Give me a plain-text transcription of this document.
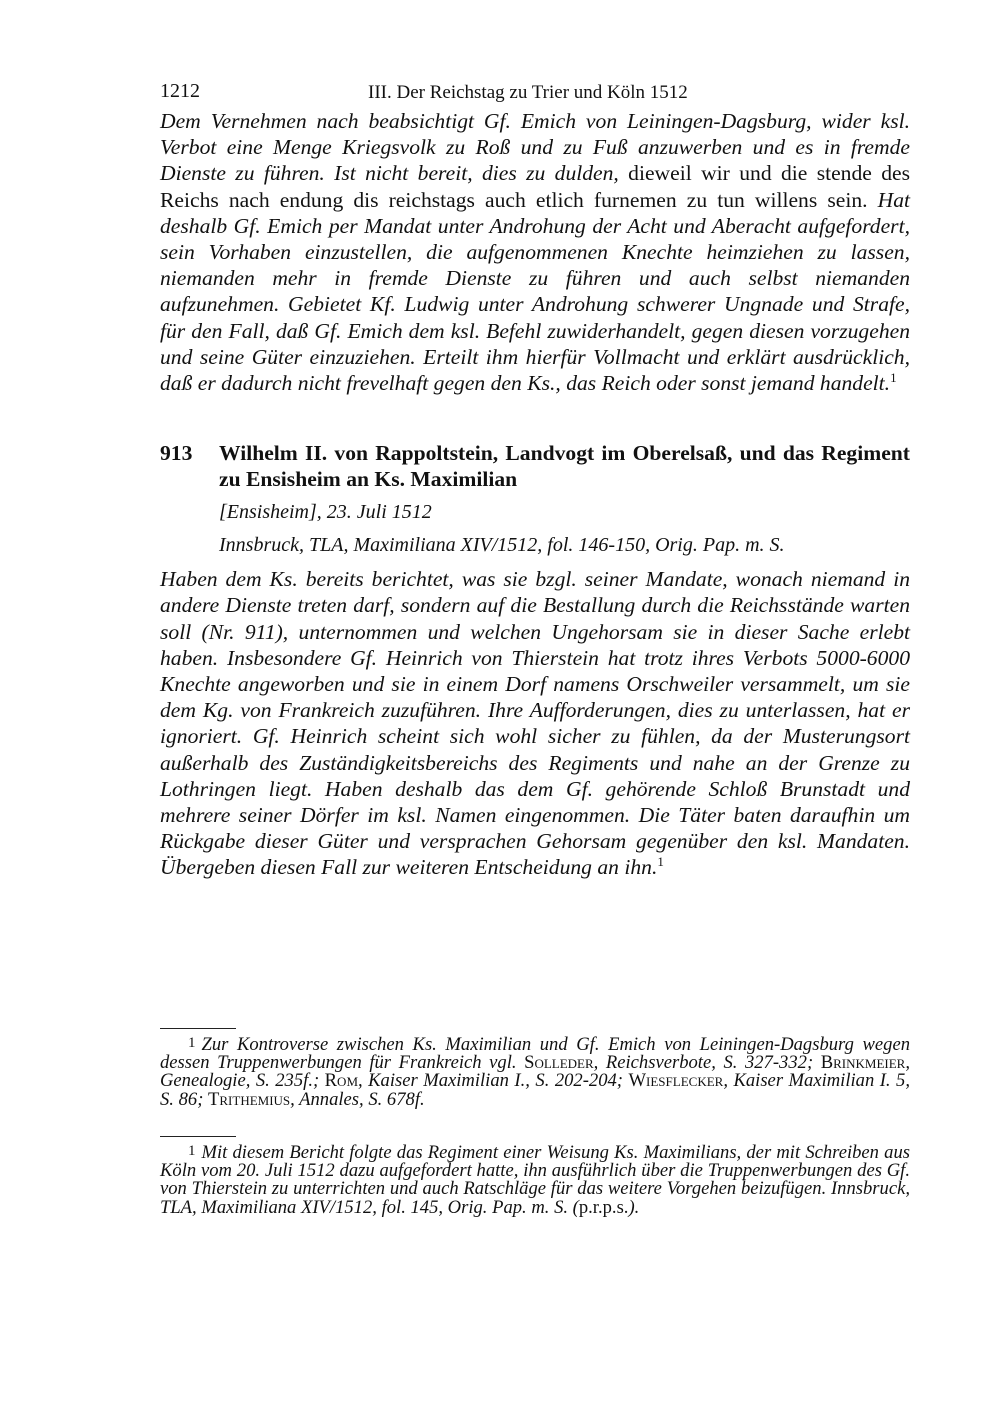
1212	III. Der Reichstag zu Trier und Köln 1512

Dem Vernehmen nach beabsichtigt Gf. Emich von Leiningen-Dagsburg, wider ksl. Verbot eine Menge Kriegsvolk zu Roß und zu Fuß anzuwerben und es in fremde Dienste zu führen. Ist nicht bereit, dies zu dulden, dieweil wir und die stende des Reichs nach endung dis reichstags auch etlich furnemen zu tun willens sein. Hat deshalb Gf. Emich per Mandat unter Androhung der Acht und Aberacht aufgefordert, sein Vorhaben einzustellen, die aufgenommenen Knechte heimziehen zu lassen, niemanden mehr in fremde Dienste zu führen und auch selbst niemanden aufzunehmen. Gebietet Kf. Ludwig unter Androhung schwerer Ungnade und Strafe, für den Fall, daß Gf. Emich dem ksl. Befehl zuwiderhandelt, gegen diesen vorzugehen und seine Güter einzuziehen. Erteilt ihm hierfür Vollmacht und erklärt ausdrücklich, daß er dadurch nicht frevelhaft gegen den Ks., das Reich oder sonst jemand handelt.$^1$

913 Wilhelm II. von Rappoltstein, Landvogt im Oberelsaß, und das Regiment zu Ensisheim an Ks. Maximilian
[Ensisheim], 23. Juli 1512
Innsbruck, TLA, Maximiliana XIV/1512, fol. 146-150, Orig. Pap. m. S.

Haben dem Ks. bereits berichtet, was sie bzgl. seiner Mandate, wonach niemand in andere Dienste treten darf, sondern auf die Bestallung durch die Reichsstände warten soll (Nr. 911), unternommen und welchen Ungehorsam sie in dieser Sache erlebt haben. Insbesondere Gf. Heinrich von Thierstein hat trotz ihres Verbots 5000-6000 Knechte angeworben und sie in einem Dorf namens Orschweiler versammelt, um sie dem Kg. von Frankreich zuzuführen. Ihre Aufforderungen, dies zu unterlassen, hat er ignoriert. Gf. Heinrich scheint sich wohl sicher zu fühlen, da der Musterungsort außerhalb des Zuständigkeitsbereichs des Regiments und nahe an der Grenze zu Lothringen liegt. Haben deshalb das dem Gf. gehörende Schloß Brunstadt und mehrere seiner Dörfer im ksl. Namen eingenommen. Die Täter baten daraufhin um Rückgabe dieser Güter und versprachen Gehorsam gegenüber den ksl. Mandaten. Übergeben diesen Fall zur weiteren Entscheidung an ihn.$^1$

1 Zur Kontroverse zwischen Ks. Maximilian und Gf. Emich von Leiningen-Dagsburg wegen dessen Truppenwerbungen für Frankreich vgl. Solleder, Reichsverbote, S. 327-332; Brinkmeier, Genealogie, S. 235f.; Rom, Kaiser Maximilian I., S. 202-204; Wiesflecker, Kaiser Maximilian I. 5, S. 86; Trithemius, Annales, S. 678f.

1 Mit diesem Bericht folgte das Regiment einer Weisung Ks. Maximilians, der mit Schreiben aus Köln vom 20. Juli 1512 dazu aufgefordert hatte, ihn ausführlich über die Truppenwerbungen des Gf. von Thierstein zu unterrichten und auch Ratschläge für das weitere Vorgehen beizufügen. Innsbruck, TLA, Maximiliana XIV/1512, fol. 145, Orig. Pap. m. S. (p.r.p.s.).
